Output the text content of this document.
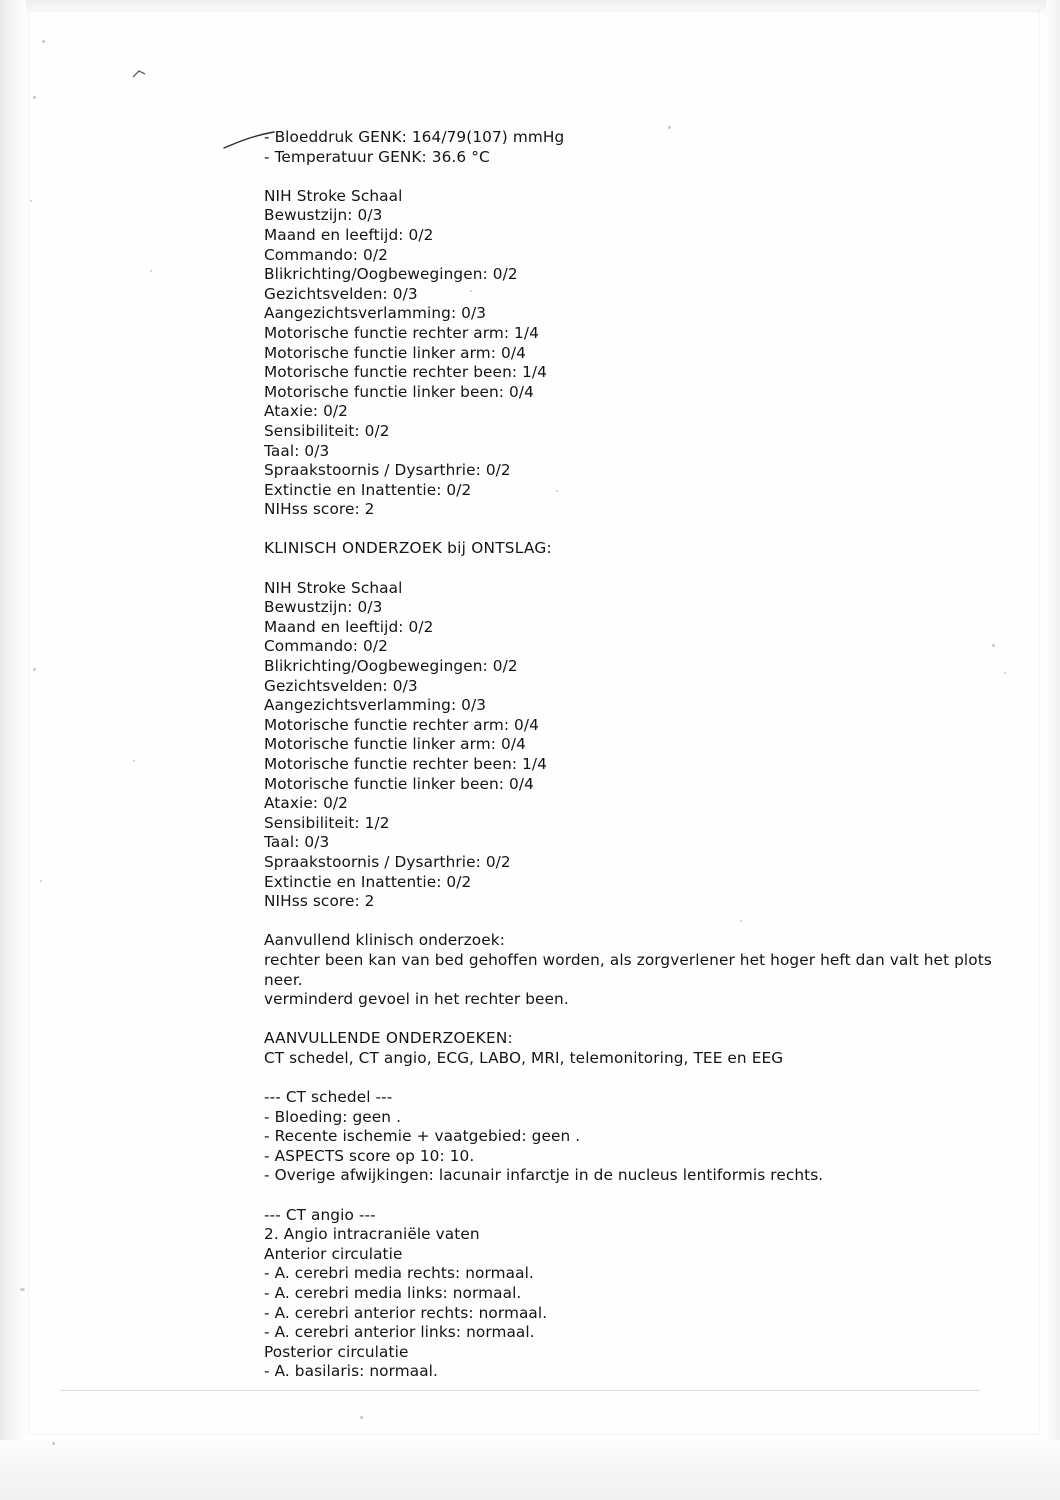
- Bloeddruk GENK: 164/79(107) mmHg
- Temperatuur GENK: 36.6 °C
NIH Stroke Schaal
Bewustzijn: 0/3
Maand en leeftijd: 0/2
Commando: 0/2
Blikrichting/Oogbewegingen: 0/2
Gezichtsvelden: 0/3
Aangezichtsverlamming: 0/3
Motorische functie rechter arm: 1/4
Motorische functie linker arm: 0/4
Motorische functie rechter been: 1/4
Motorische functie linker been: 0/4
Ataxie: 0/2
Sensibiliteit: 0/2
Taal: 0/3
Spraakstoornis / Dysarthrie: 0/2
Extinctie en Inattentie: 0/2
NIHss score: 2
KLINISCH ONDERZOEK bij ONTSLAG:
NIH Stroke Schaal
Bewustzijn: 0/3
Maand en leeftijd: 0/2
Commando: 0/2
Blikrichting/Oogbewegingen: 0/2
Gezichtsvelden: 0/3
Aangezichtsverlamming: 0/3
Motorische functie rechter arm: 0/4
Motorische functie linker arm: 0/4
Motorische functie rechter been: 1/4
Motorische functie linker been: 0/4
Ataxie: 0/2
Sensibiliteit: 1/2
Taal: 0/3
Spraakstoornis / Dysarthrie: 0/2
Extinctie en Inattentie: 0/2
NIHss score: 2
Aanvullend klinisch onderzoek:
rechter been kan van bed gehoffen worden, als zorgverlener het hoger heft dan valt het plots neer.
verminderd gevoel in het rechter been.
AANVULLENDE ONDERZOEKEN:
CT schedel, CT angio, ECG, LABO, MRI, telemonitoring, TEE en EEG
--- CT schedel ---
- Bloeding: geen .
- Recente ischemie + vaatgebied: geen .
- ASPECTS score op 10: 10.
- Overige afwijkingen: lacunair infarctje in de nucleus lentiformis rechts.
--- CT angio ---
2. Angio intracraniële vaten
Anterior circulatie
- A. cerebri media rechts: normaal.
- A. cerebri media links: normaal.
- A. cerebri anterior rechts: normaal.
- A. cerebri anterior links: normaal.
Posterior circulatie
- A. basilaris: normaal.
